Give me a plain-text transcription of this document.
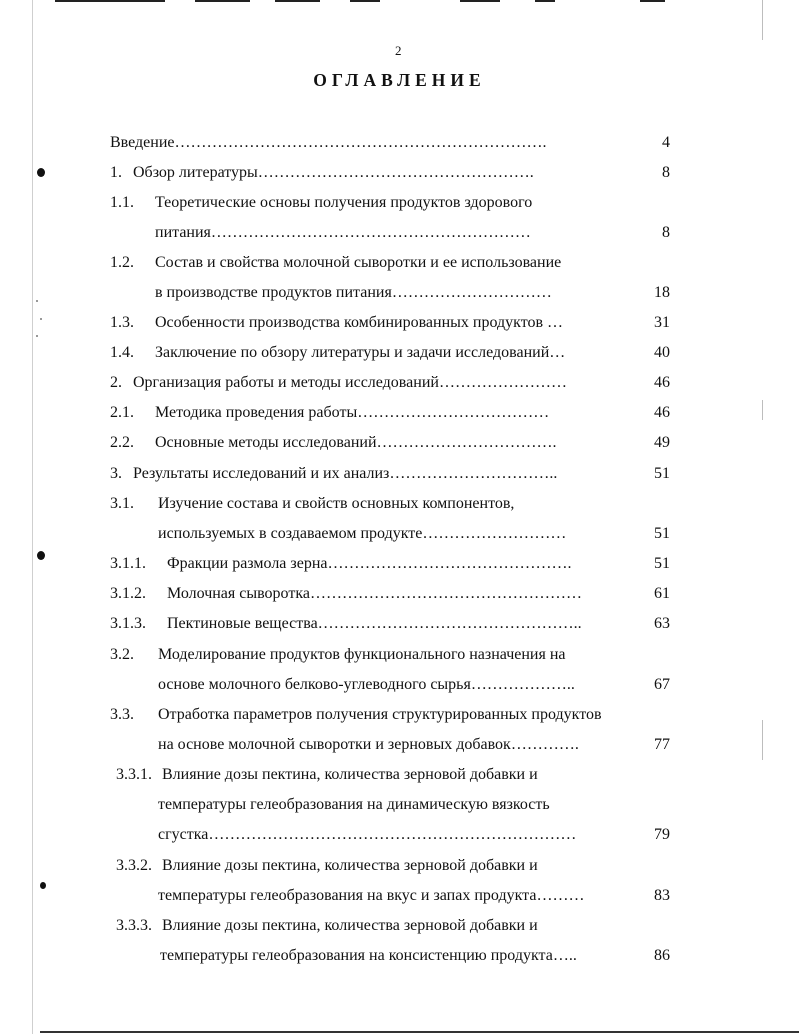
2
ОГЛАВЛЕНИЕ
Введение…………………………………………………………….	4
1. Обзор литературы…………………………………………….	8
1.1. Теоретические основы получения продуктов здорового
питания……………………………………………………	8
1.2. Состав и свойства молочной сыворотки и ее использование
в производстве продуктов питания…………………………	18
1.3. Особенности производства комбинированных продуктов …	31
1.4. Заключение по обзору литературы и задачи исследований…	40
2. Организация работы и методы исследований……………………	46
2.1. Методика проведения работы………………………………	46
2.2. Основные методы исследований…………………………….	49
3. Результаты исследований и их анализ…………………………..	51
3.1. Изучение состава и свойств основных компонентов,
используемых в создаваемом продукте………………………	51
3.1.1. Фракции размола зерна……………………………………….	51
3.1.2. Молочная сыворотка……………………………………………	61
3.1.3. Пектиновые вещества…………………………………………..	63
3.2. Моделирование продуктов функционального назначения на
основе молочного белково-углеводного сырья………………..	67
3.3. Отработка параметров получения структурированных продуктов
на основе молочной сыворотки и зерновых добавок………….	77
3.3.1. Влияние дозы пектина, количества зерновой добавки и
температуры гелеобразования на динамическую вязкость
сгустка……………………………………………………………	79
3.3.2. Влияние дозы пектина, количества зерновой добавки и
температуры гелеобразования на вкус и запах продукта………	83
3.3.3. Влияние дозы пектина, количества зерновой добавки и
температуры гелеобразования на консистенцию продукта…..	86
